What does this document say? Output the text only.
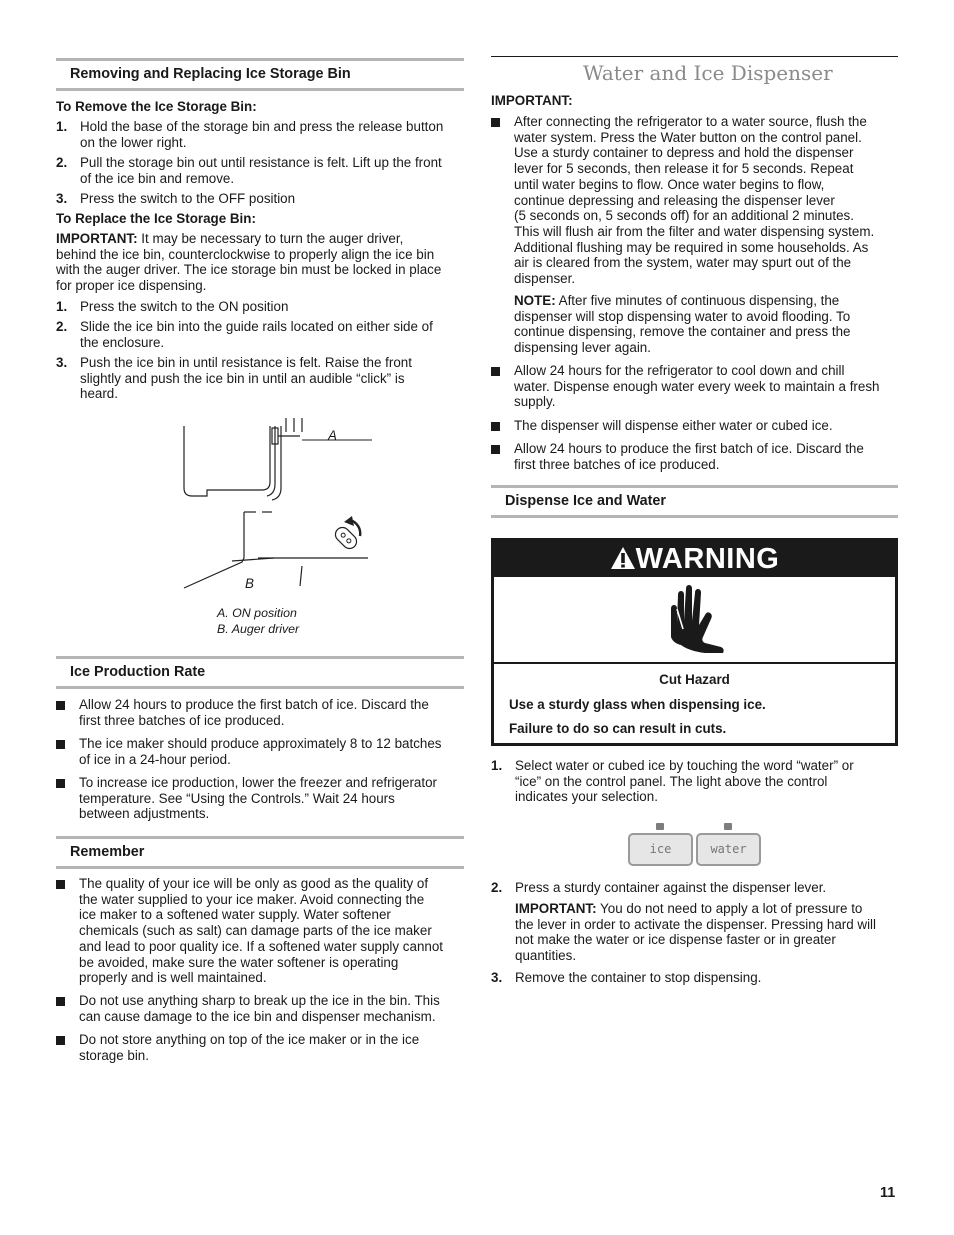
Removing and Replacing Ice Storage Bin
To Remove the Ice Storage Bin:
1. Hold the base of the storage bin and press the release button
on the lower right.
2. Pull the storage bin out until resistance is felt. Lift up the front
of the ice bin and remove.
3. Press the switch to the OFF position
To Replace the Ice Storage Bin:
IMPORTANT: It may be necessary to turn the auger driver,
behind the ice bin, counterclockwise to properly align the ice bin
with the auger driver. The ice storage bin must be locked in place
for proper ice dispensing.
1. Press the switch to the ON position
2. Slide the ice bin into the guide rails located on either side of
the enclosure.
3. Push the ice bin in until resistance is felt. Raise the front
slightly and push the ice bin in until an audible “click” is
heard.
A
B
A. ON position
B. Auger driver
Ice Production Rate
Allow 24 hours to produce the first batch of ice. Discard the
first three batches of ice produced.
The ice maker should produce approximately 8 to 12 batches
of ice in a 24-hour period.
To increase ice production, lower the freezer and refrigerator
temperature. See “Using the Controls.” Wait 24 hours
between adjustments.
Remember
The quality of your ice will be only as good as the quality of
the water supplied to your ice maker. Avoid connecting the
ice maker to a softened water supply. Water softener
chemicals (such as salt) can damage parts of the ice maker
and lead to poor quality ice. If a softened water supply cannot
be avoided, make sure the water softener is operating
properly and is well maintained.
Do not use anything sharp to break up the ice in the bin. This
can cause damage to the ice bin and dispenser mechanism.
Do not store anything on top of the ice maker or in the ice
storage bin.
Water and Ice Dispenser
IMPORTANT:
After connecting the refrigerator to a water source, flush the
water system. Press the Water button on the control panel.
Use a sturdy container to depress and hold the dispenser
lever for 5 seconds, then release it for 5 seconds. Repeat
until water begins to flow. Once water begins to flow,
continue depressing and releasing the dispenser lever
(5 seconds on, 5 seconds off) for an additional 2 minutes.
This will flush air from the filter and water dispensing system.
Additional flushing may be required in some households. As
air is cleared from the system, water may spurt out of the
dispenser.
NOTE: After five minutes of continuous dispensing, the
dispenser will stop dispensing water to avoid flooding. To
continue dispensing, remove the container and press the
dispensing lever again.
Allow 24 hours for the refrigerator to cool down and chill
water. Dispense enough water every week to maintain a fresh
supply.
The dispenser will dispense either water or cubed ice.
Allow 24 hours to produce the first batch of ice. Discard the
first three batches of ice produced.
Dispense Ice and Water
WARNING
Cut Hazard
Use a sturdy glass when dispensing ice.
Failure to do so can result in cuts.
1. Select water or cubed ice by touching the word “water” or
“ice” on the control panel. The light above the control
indicates your selection.
ice	water
2. Press a sturdy container against the dispenser lever.
IMPORTANT: You do not need to apply a lot of pressure to
the lever in order to activate the dispenser. Pressing hard will
not make the water or ice dispense faster or in greater
quantities.
3. Remove the container to stop dispensing.
11
